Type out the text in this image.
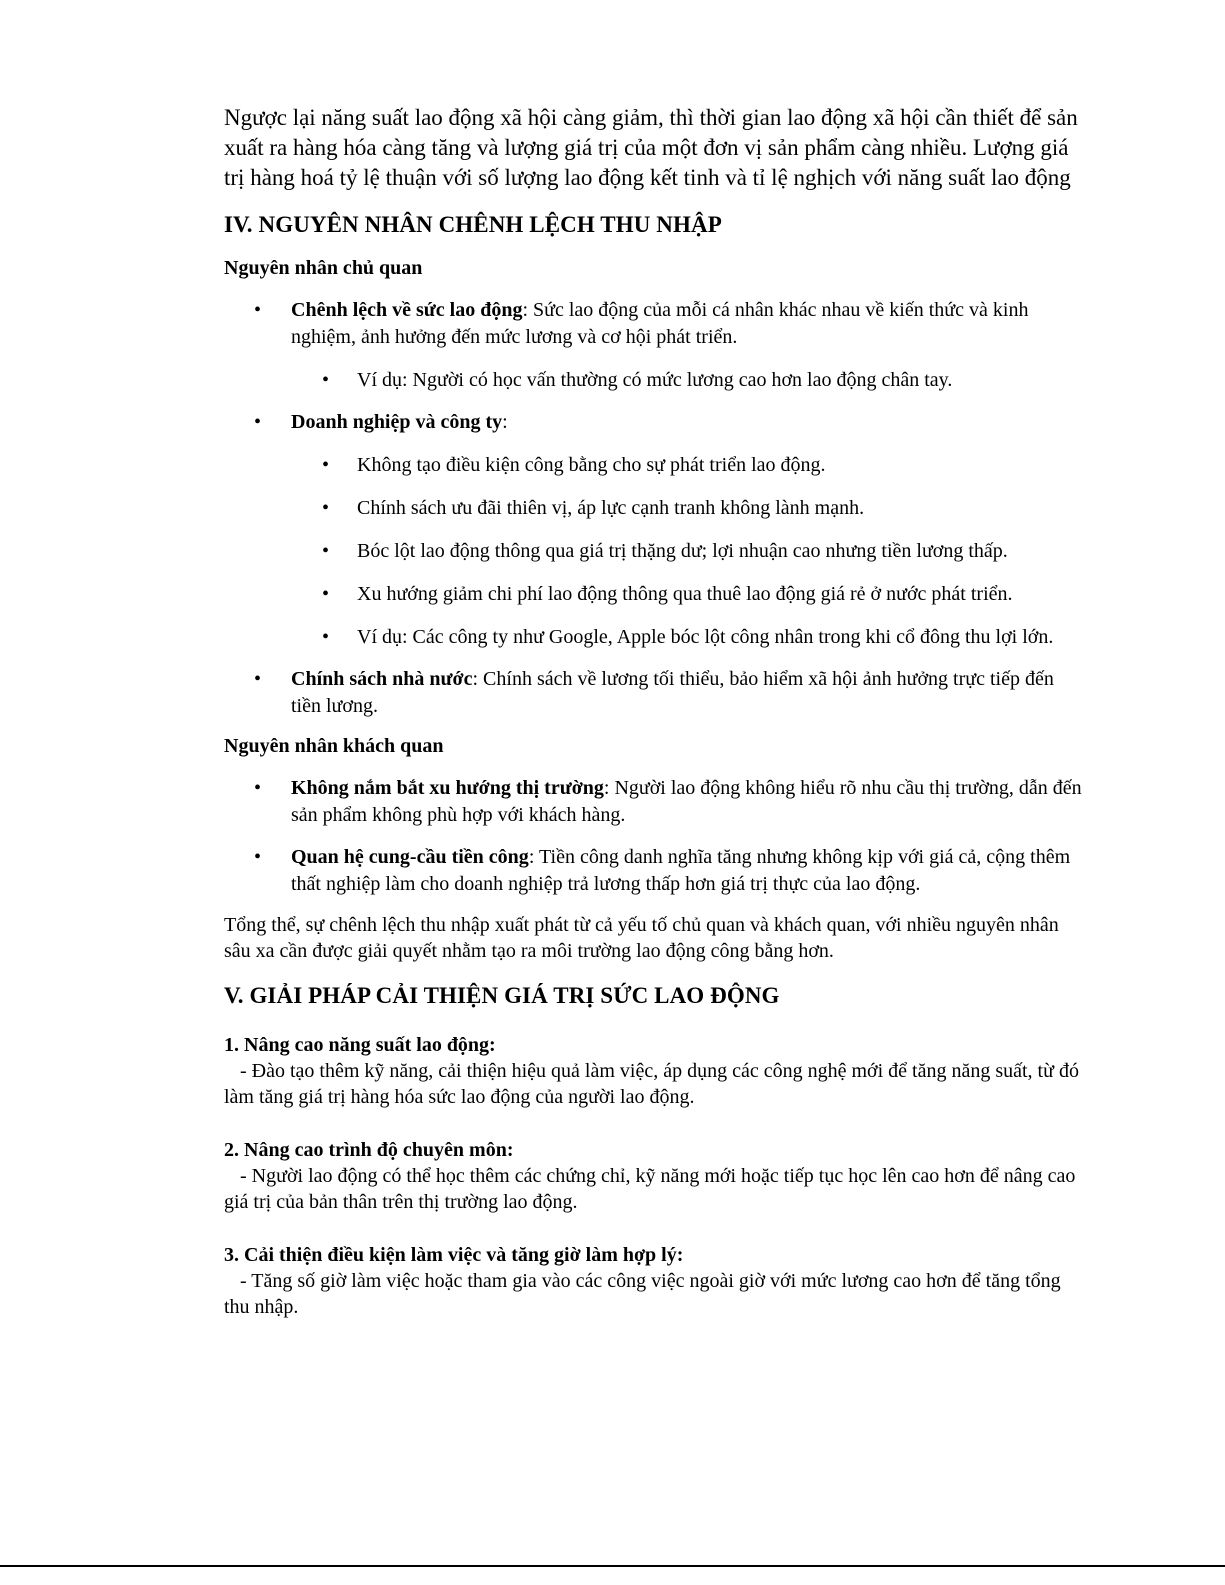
Ngược lại năng suất lao động xã hội càng giảm, thì thời gian lao động xã hội cần thiết để sản xuất ra hàng hóa càng tăng và lượng giá trị của một đơn vị sản phẩm càng nhiều. Lượng giá trị hàng hoá tỷ lệ thuận với số lượng lao động kết tinh và tỉ lệ nghịch với năng suất lao động

IV. NGUYÊN NHÂN CHÊNH LỆCH THU NHẬP
Nguyên nhân chủ quan
• Chênh lệch về sức lao động: Sức lao động của mỗi cá nhân khác nhau về kiến thức và kinh nghiệm, ảnh hưởng đến mức lương và cơ hội phát triển.
• Ví dụ: Người có học vấn thường có mức lương cao hơn lao động chân tay.
• Doanh nghiệp và công ty:
• Không tạo điều kiện công bằng cho sự phát triển lao động.
• Chính sách ưu đãi thiên vị, áp lực cạnh tranh không lành mạnh.
• Bóc lột lao động thông qua giá trị thặng dư; lợi nhuận cao nhưng tiền lương thấp.
• Xu hướng giảm chi phí lao động thông qua thuê lao động giá rẻ ở nước phát triển.
• Ví dụ: Các công ty như Google, Apple bóc lột công nhân trong khi cổ đông thu lợi lớn.
• Chính sách nhà nước: Chính sách về lương tối thiểu, bảo hiểm xã hội ảnh hưởng trực tiếp đến tiền lương.
Nguyên nhân khách quan
• Không nắm bắt xu hướng thị trường: Người lao động không hiểu rõ nhu cầu thị trường, dẫn đến sản phẩm không phù hợp với khách hàng.
• Quan hệ cung-cầu tiền công: Tiền công danh nghĩa tăng nhưng không kịp với giá cả, cộng thêm thất nghiệp làm cho doanh nghiệp trả lương thấp hơn giá trị thực của lao động.

Tổng thể, sự chênh lệch thu nhập xuất phát từ cả yếu tố chủ quan và khách quan, với nhiều nguyên nhân sâu xa cần được giải quyết nhằm tạo ra môi trường lao động công bằng hơn.

V. GIẢI PHÁP CẢI THIỆN GIÁ TRỊ SỨC LAO ĐỘNG

1. Nâng cao năng suất lao động:

- Đào tạo thêm kỹ năng, cải thiện hiệu quả làm việc, áp dụng các công nghệ mới để tăng năng suất, từ đó làm tăng giá trị hàng hóa sức lao động của người lao động.

2. Nâng cao trình độ chuyên môn:

- Người lao động có thể học thêm các chứng chỉ, kỹ năng mới hoặc tiếp tục học lên cao hơn để nâng cao giá trị của bản thân trên thị trường lao động.

3. Cải thiện điều kiện làm việc và tăng giờ làm hợp lý:

- Tăng số giờ làm việc hoặc tham gia vào các công việc ngoài giờ với mức lương cao hơn để tăng tổng thu nhập.
